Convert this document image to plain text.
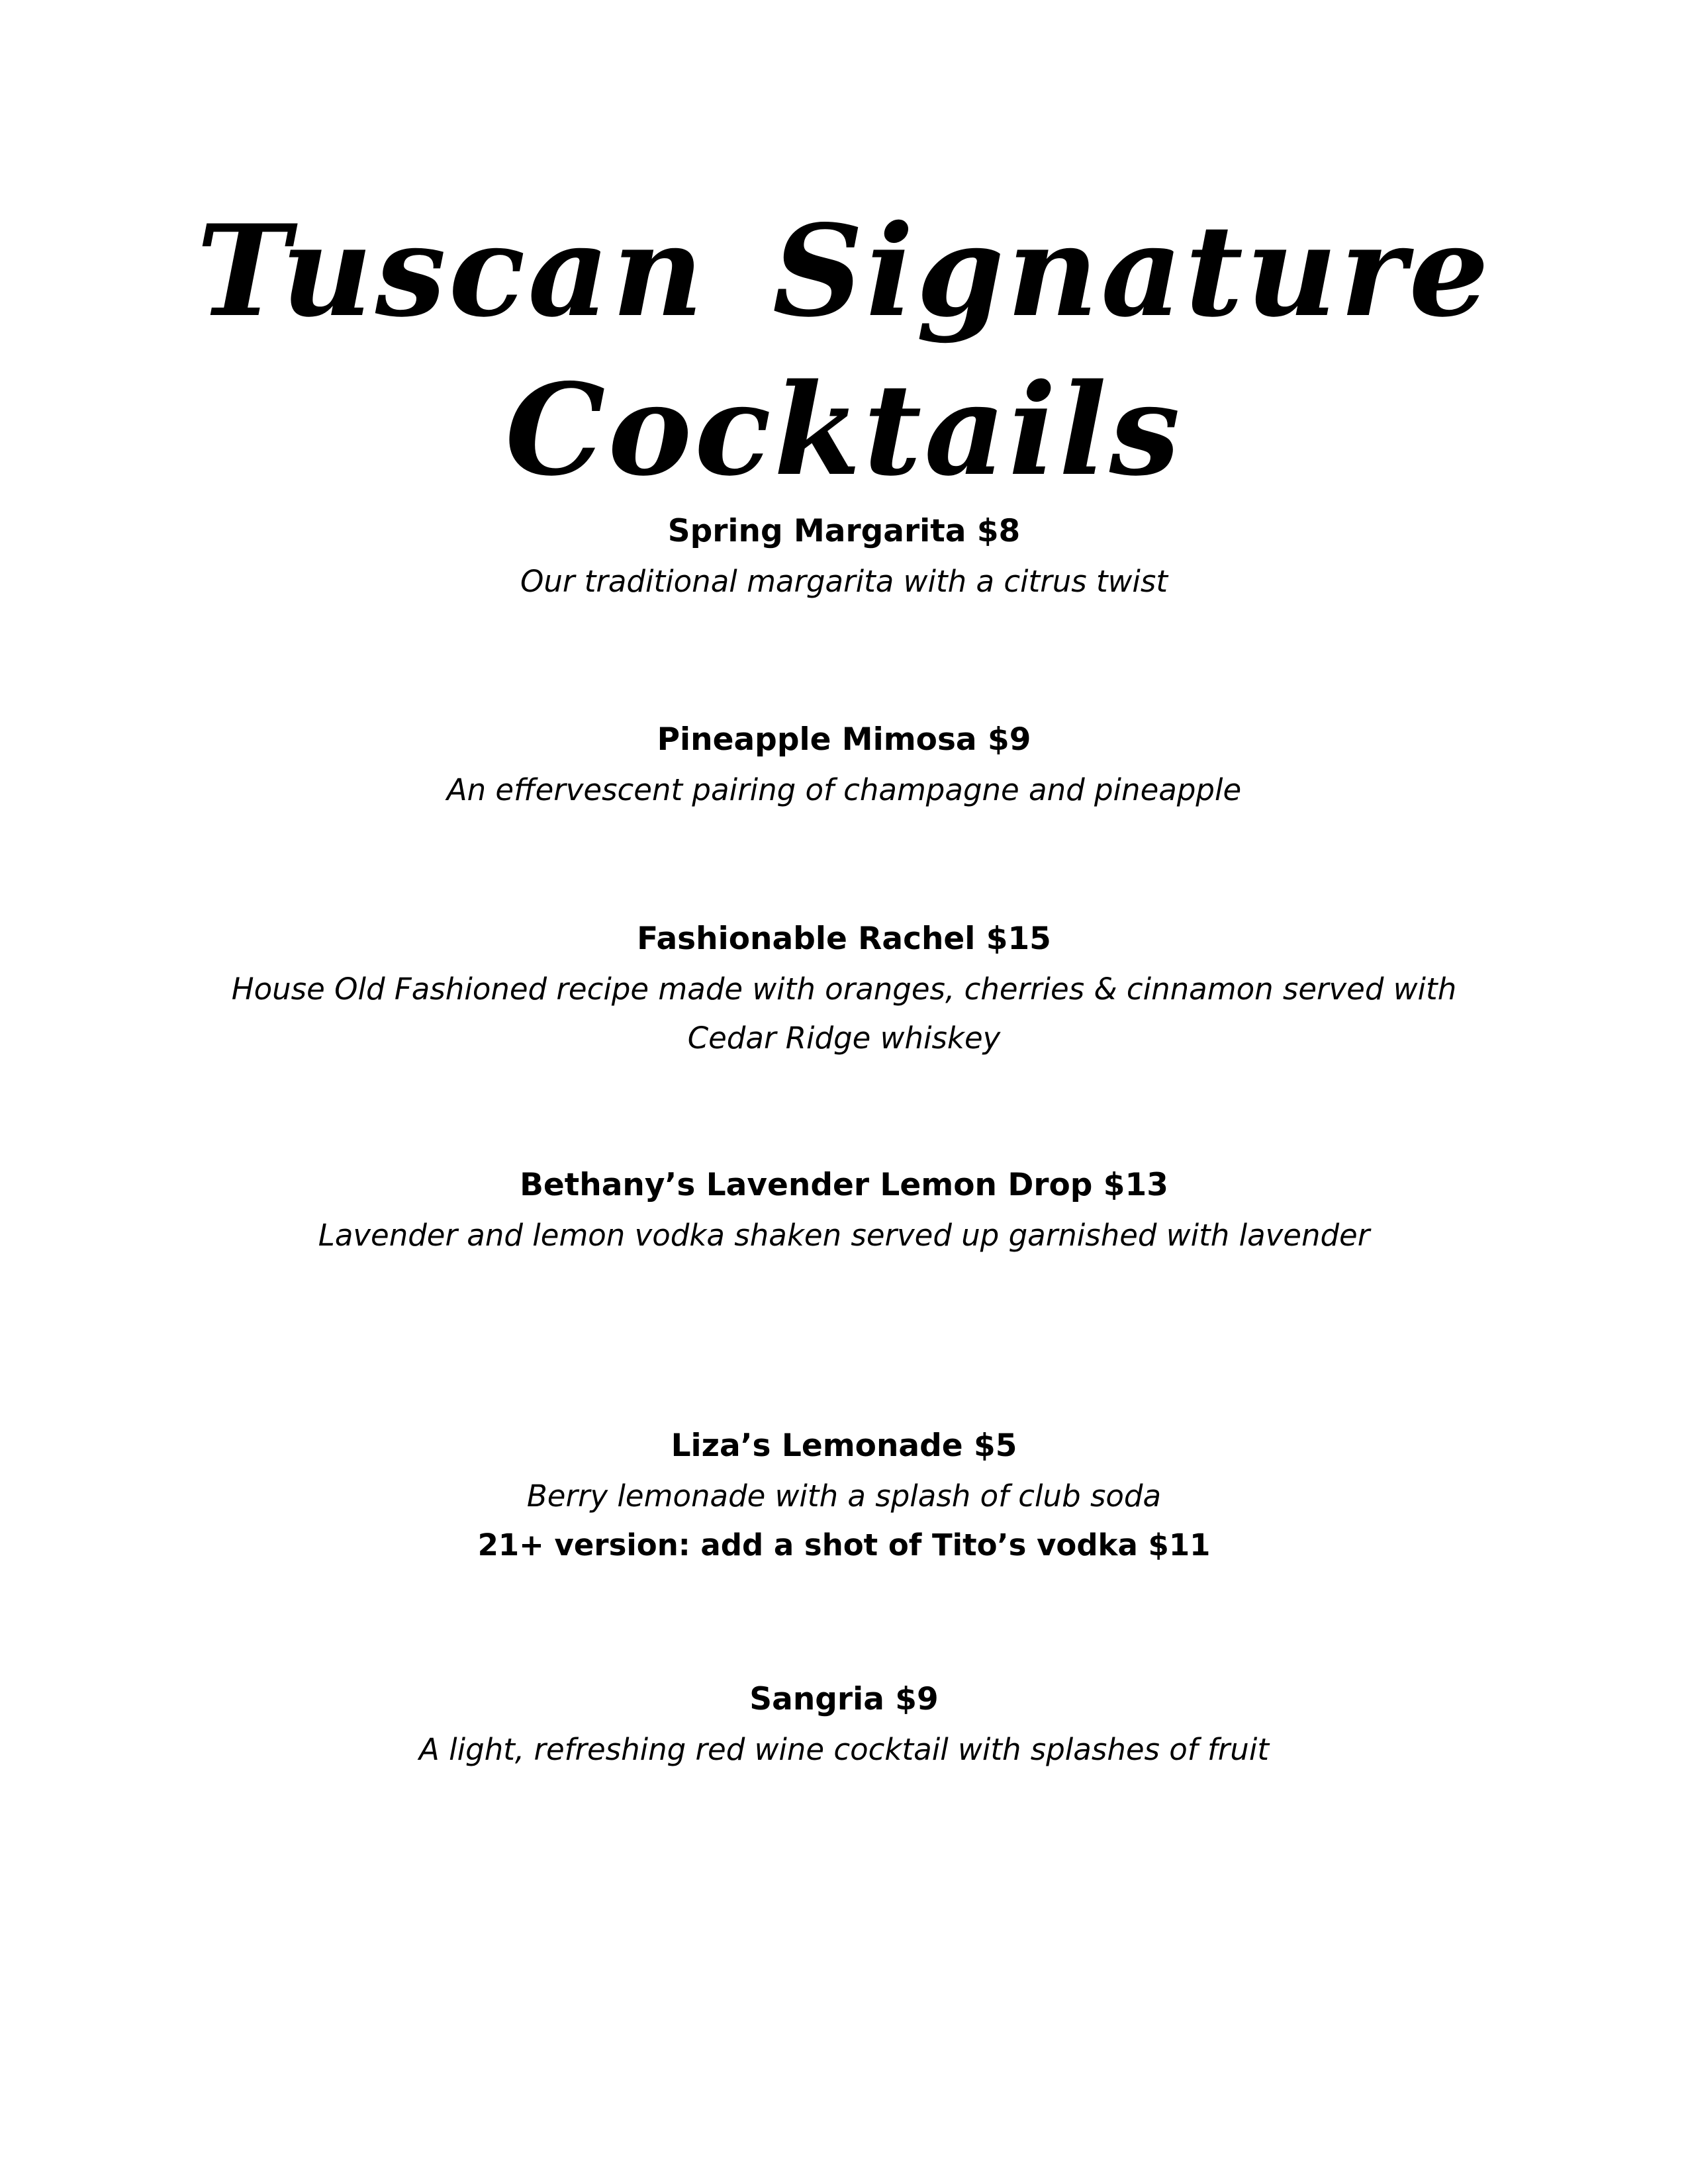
Tuscan Signature Cocktails

Spring Margarita $8

Our traditional margarita with a citrus twist

Pineapple Mimosa $9

An effervescent pairing of champagne and pineapple

Fashionable Rachel $15

House Old Fashioned recipe made with oranges, cherries & cinnamon served with Cedar Ridge whiskey

Bethany’s Lavender Lemon Drop $13

Lavender and lemon vodka shaken served up garnished with lavender

Liza’s Lemonade $5

Berry lemonade with a splash of club soda

21+ version: add a shot of Tito’s vodka $11

Sangria $9

A light, refreshing red wine cocktail with splashes of fruit
